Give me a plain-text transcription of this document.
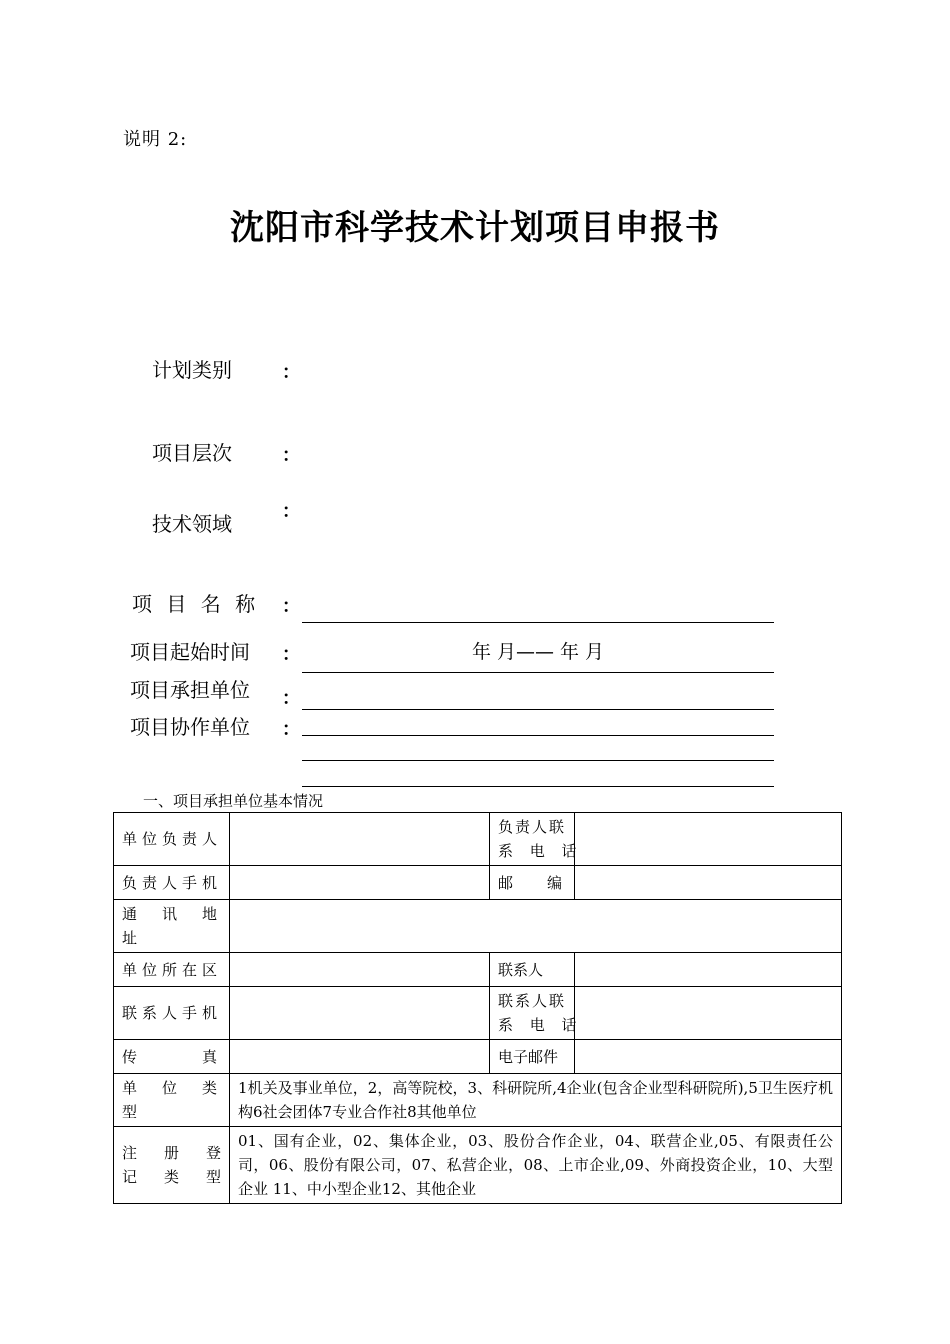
说明 2:
沈阳市科学技术计划项目申报书
计划类别	：
项目层次	：
技术领域
：
项 目 名 称 ：
项目起始时间 ：	年 月—— 年 月
项目承担单位 ：
项目协作单位 ：
一、项目承担单位基本情况
单位负责人		负责人联
系 电 话	

负责人手机		邮 编	
通 讯 地 址			
单位所在区		联系人	
联系人手机		联系人联
系 电 话	

传 真		电子邮件	
单 位 类 型	1机关及事业单位，2，高等院校，3、科研院所,4企业(包含企业型科研院所),5卫生医疗机构6社会团体7专业合作社8其他单位		

注 册 登
记 类 型	01、国有企业，02、集体企业，03、股份合作企业，04、联营企业,05、有限责任公司，06、股份有限公司，07、私营企业，08、上市企业,09、外商投资企业，10、大型企业 11、中小型企业12、其他企业		
